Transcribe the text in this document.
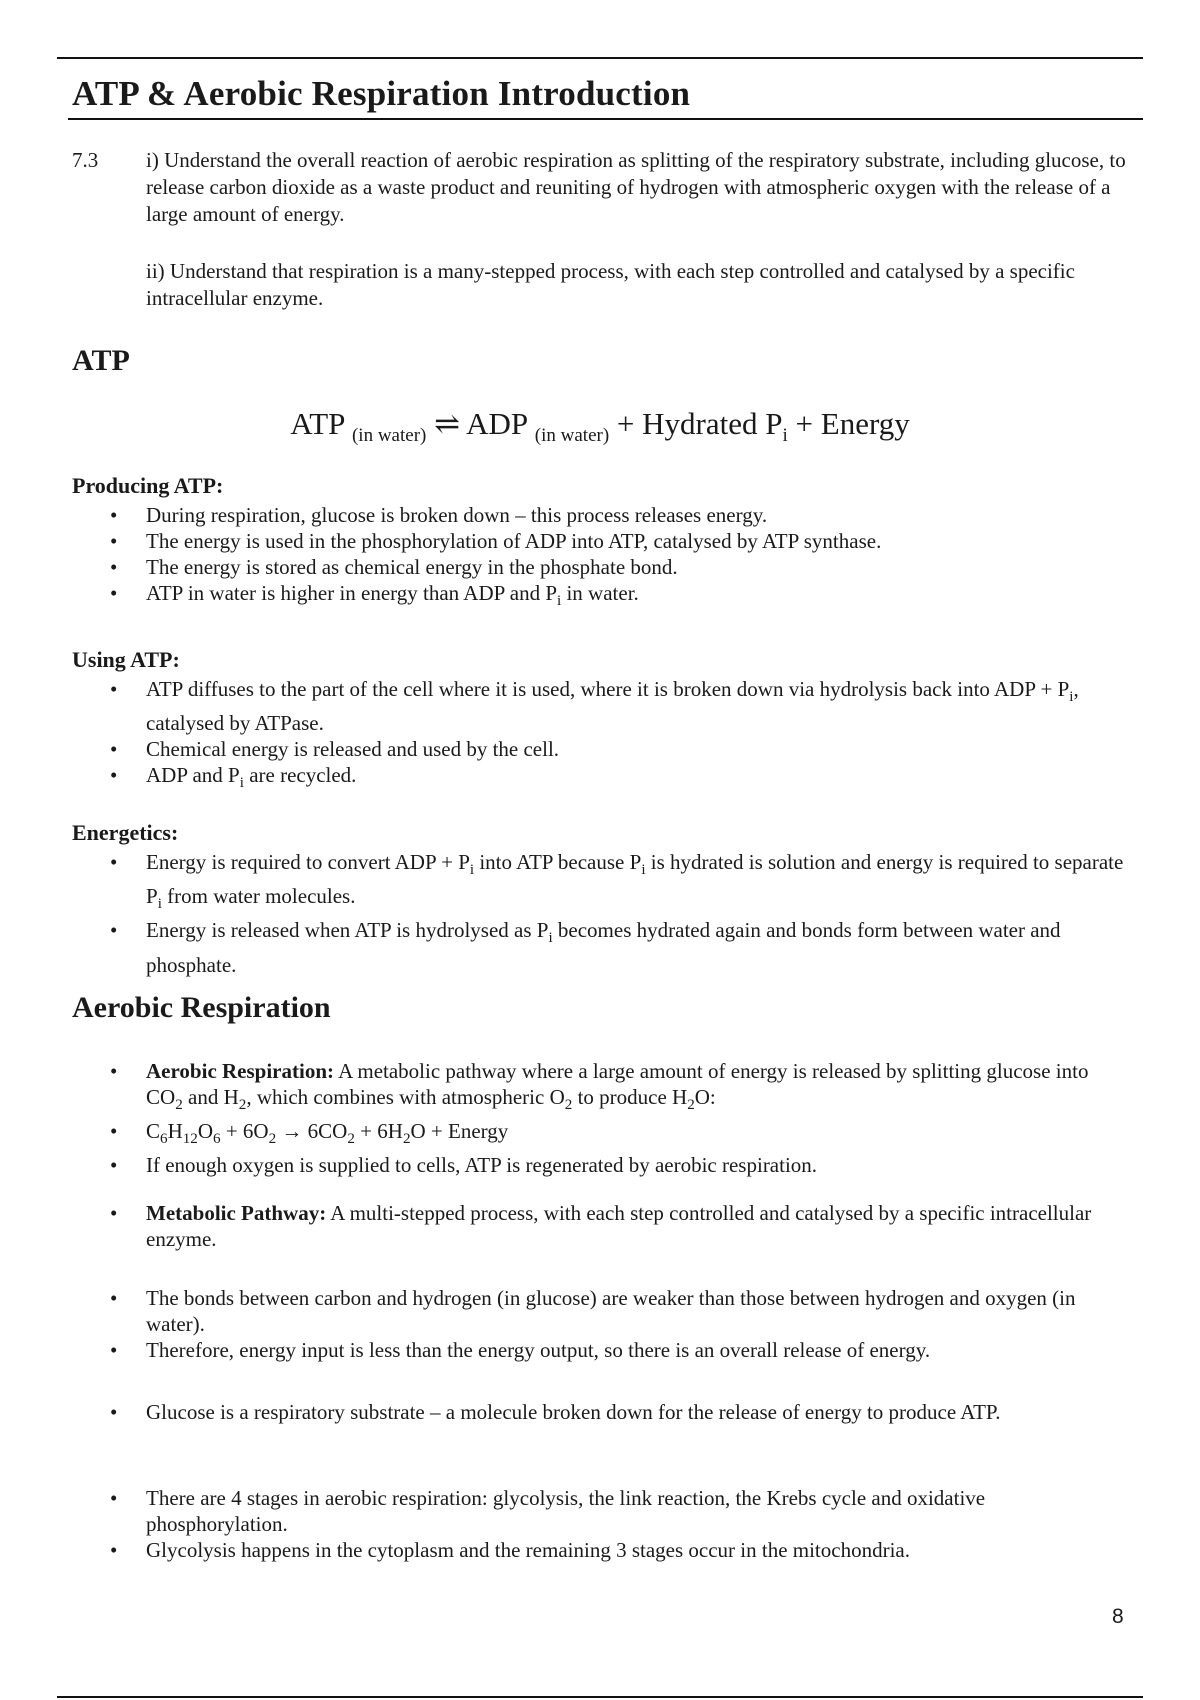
ATP & Aerobic Respiration Introduction
7.3 i) Understand the overall reaction of aerobic respiration as splitting of the respiratory substrate, including glucose, to release carbon dioxide as a waste product and reuniting of hydrogen with atmospheric oxygen with the release of a large amount of energy.

ii) Understand that respiration is a many-stepped process, with each step controlled and catalysed by a specific intracellular enzyme.

ATP
ATP $_{(in water)}$ ⇌ ADP $_{(in water)}$ + Hydrated $P_i$ + Energy
Producing ATP:
• During respiration, glucose is broken down – this process releases energy.
• The energy is used in the phosphorylation of ADP into ATP, catalysed by ATP synthase.
• The energy is stored as chemical energy in the phosphate bond.
• ATP in water is higher in energy than ADP and $P_i$ in water.
Using ATP:
• ATP diffuses to the part of the cell where it is used, where it is broken down via hydrolysis back into ADP + $P_i$, catalysed by ATPase.
• Chemical energy is released and used by the cell.
• ADP and $P_i$ are recycled.
Energetics:
• Energy is required to convert ADP + $P_i$ into ATP because $P_i$ is hydrated is solution and energy is required to separate $P_i$ from water molecules.
• Energy is released when ATP is hydrolysed as $P_i$ becomes hydrated again and bonds form between water and phosphate.
Aerobic Respiration
• Aerobic Respiration: A metabolic pathway where a large amount of energy is released by splitting glucose into $CO_2$ and $H_2$, which combines with atmospheric $O_2$ to produce $H_2O$:
• $C_6H_{12}O_6 + 6O_2 \to 6CO_2 + 6H_2O$ + Energy
• If enough oxygen is supplied to cells, ATP is regenerated by aerobic respiration.
• Metabolic Pathway: A multi-stepped process, with each step controlled and catalysed by a specific intracellular enzyme.
• The bonds between carbon and hydrogen (in glucose) are weaker than those between hydrogen and oxygen (in water).
• Therefore, energy input is less than the energy output, so there is an overall release of energy.
• Glucose is a respiratory substrate – a molecule broken down for the release of energy to produce ATP.
• There are 4 stages in aerobic respiration: glycolysis, the link reaction, the Krebs cycle and oxidative phosphorylation.
• Glycolysis happens in the cytoplasm and the remaining 3 stages occur in the mitochondria.
8
